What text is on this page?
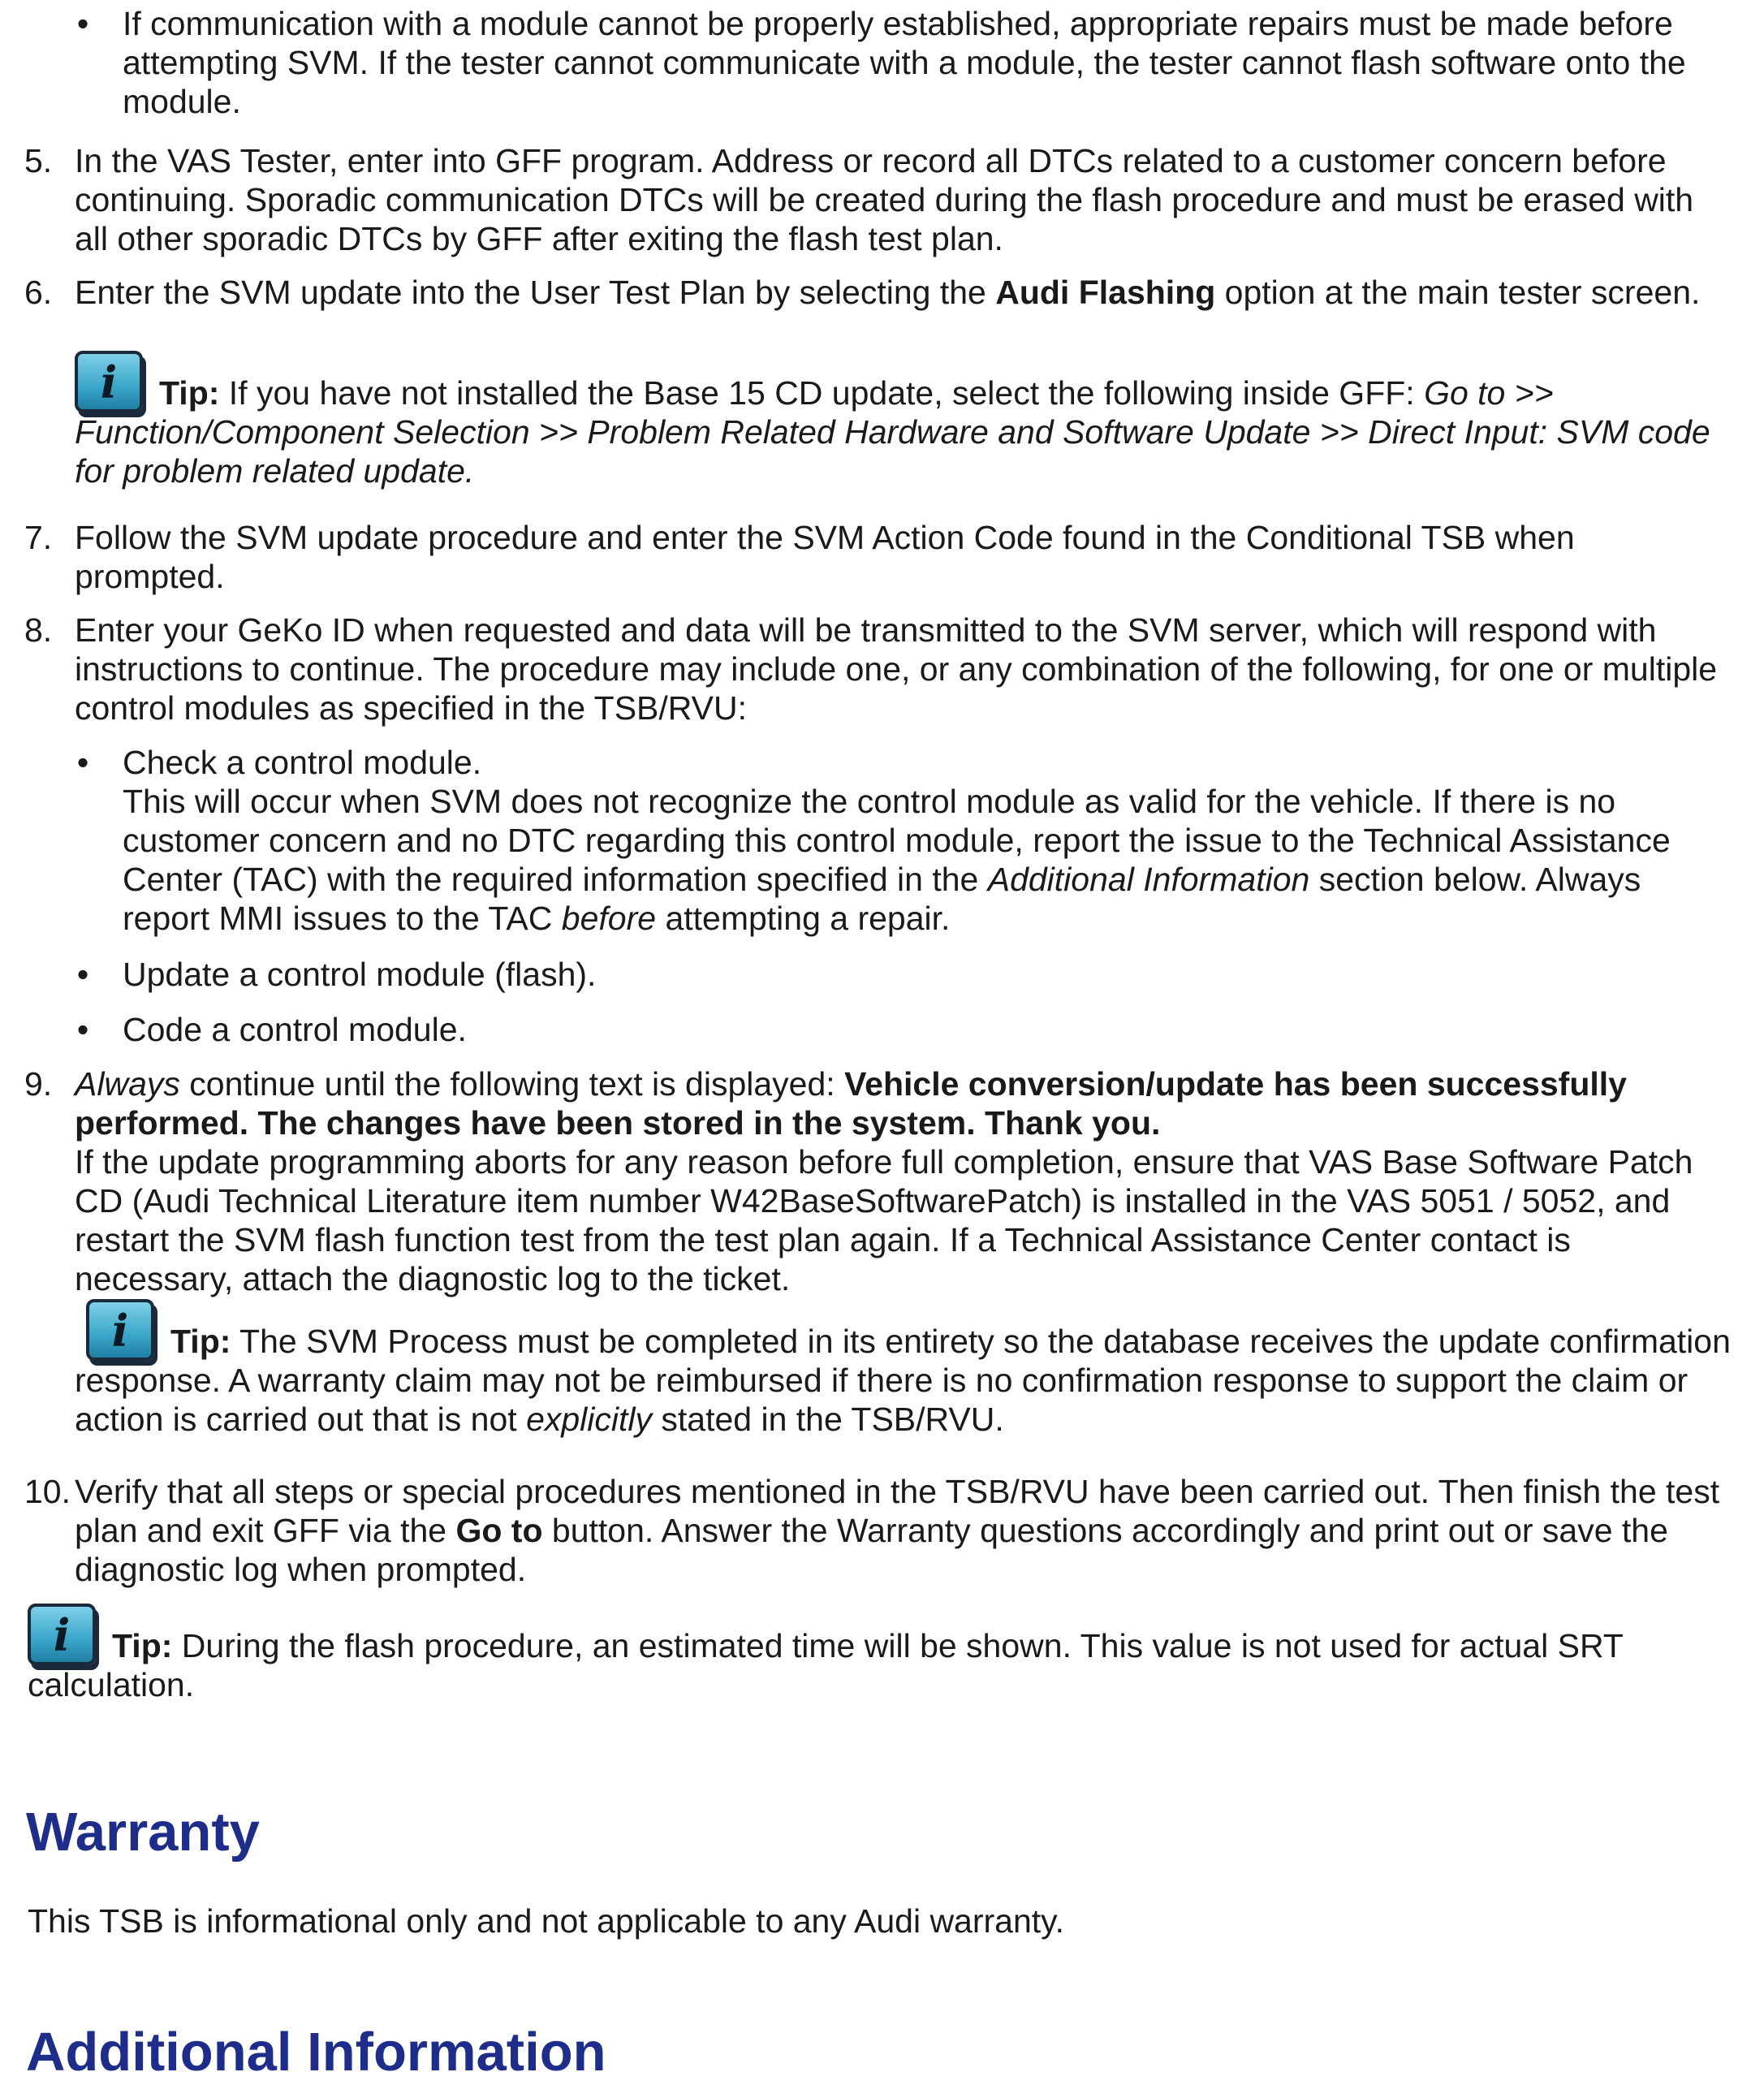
• If communication with a module cannot be properly established, appropriate repairs must be made before attempting SVM. If the tester cannot communicate with a module, the tester cannot flash software onto the module.
5. In the VAS Tester, enter into GFF program. Address or record all DTCs related to a customer concern before continuing. Sporadic communication DTCs will be created during the flash procedure and must be erased with all other sporadic DTCs by GFF after exiting the flash test plan.
6. Enter the SVM update into the User Test Plan by selecting the Audi Flashing option at the main tester screen.
i	Tip: If you have not installed the Base 15 CD update, select the following inside GFF: Go to >> Function/Component Selection >> Problem Related Hardware and Software Update >> Direct Input: SVM code for problem related update.
7. Follow the SVM update procedure and enter the SVM Action Code found in the Conditional TSB when prompted.
8. Enter your GeKo ID when requested and data will be transmitted to the SVM server, which will respond with instructions to continue. The procedure may include one, or any combination of the following, for one or multiple control modules as specified in the TSB/RVU:
• Check a control module.
This will occur when SVM does not recognize the control module as valid for the vehicle. If there is no customer concern and no DTC regarding this control module, report the issue to the Technical Assistance Center (TAC) with the required information specified in the Additional Information section below. Always report MMI issues to the TAC before attempting a repair.
• Update a control module (flash).
• Code a control module.
9. Always continue until the following text is displayed: Vehicle conversion/update has been successfully performed. The changes have been stored in the system. Thank you.
If the update programming aborts for any reason before full completion, ensure that VAS Base Software Patch CD (Audi Technical Literature item number W42BaseSoftwarePatch) is installed in the VAS 5051 / 5052, and restart the SVM flash function test from the test plan again. If a Technical Assistance Center contact is necessary, attach the diagnostic log to the ticket.
i	Tip: The SVM Process must be completed in its entirety so the database receives the update confirmation response. A warranty claim may not be reimbursed if there is no confirmation response to support the claim or action is carried out that is not explicitly stated in the TSB/RVU.
10. Verify that all steps or special procedures mentioned in the TSB/RVU have been carried out. Then finish the test plan and exit GFF via the Go to button. Answer the Warranty questions accordingly and print out or save the diagnostic log when prompted.
i	Tip: During the flash procedure, an estimated time will be shown. This value is not used for actual SRT calculation.
Warranty
This TSB is informational only and not applicable to any Audi warranty.
Additional Information
